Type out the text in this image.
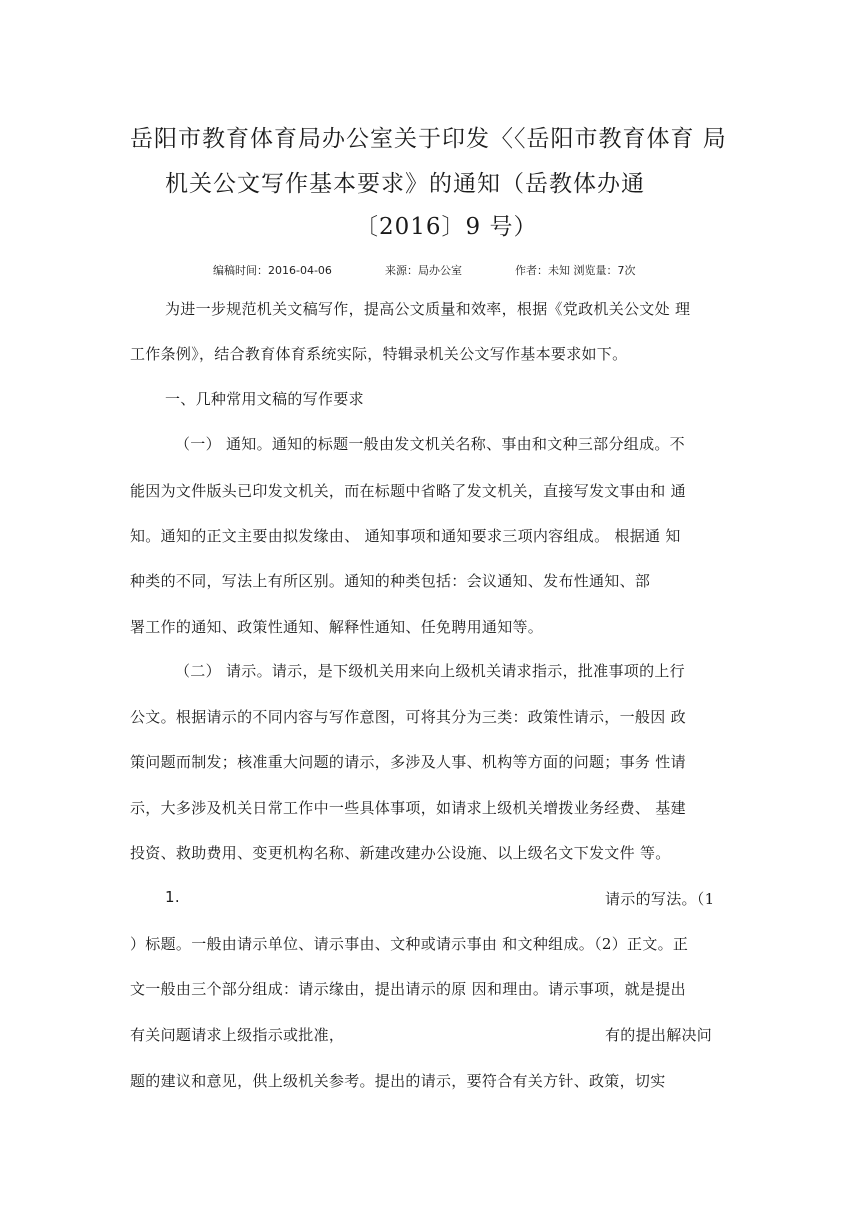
岳阳市教育体育局办公室关于印发〈〈岳阳市教育体育 局
机关公文写作基本要求》的通知（岳教体办通
〔2016〕9 号）
编稿时间：2016-04-06	来源：局办公室	作者：未知 浏览量：7次
为进一步规范机关文稿写作，提高公文质量和效率，根据《党政机关公文处 理
工作条例》，结合教育体育系统实际，特辑录机关公文写作基本要求如下。
一、几种常用文稿的写作要求
（一） 通知。通知的标题一般由发文机关名称、事由和文种三部分组成。不
能因为文件版头已印发文机关，而在标题中省略了发文机关，直接写发文事由和 通
知。通知的正文主要由拟发缘由、 通知事项和通知要求三项内容组成。 根据通 知
种类的不同，写法上有所区别。通知的种类包括：会议通知、发布性通知、部
署工作的通知、政策性通知、解释性通知、任免聘用通知等。
（二） 请示。请示，是下级机关用来向上级机关请求指示，批准事项的上行
公文。根据请示的不同内容与写作意图，可将其分为三类：政策性请示，一般因 政
策问题而制发；核准重大问题的请示，多涉及人事、机构等方面的问题；事务 性请
示，大多涉及机关日常工作中一些具体事项，如请求上级机关增拨业务经费、 基建
投资、救助费用、变更机构名称、新建改建办公设施、以上级名文下发文件 等。
1.	请示的写法。（1
）标题。一般由请示单位、请示事由、文种或请示事由 和文种组成。（2）正文。正
文一般由三个部分组成：请示缘由，提出请示的原 因和理由。请示事项，就是提出
有关问题请求上级指示或批准，	有的提出解决问
题的建议和意见，供上级机关参考。提出的请示，要符合有关方针、政策，切实
